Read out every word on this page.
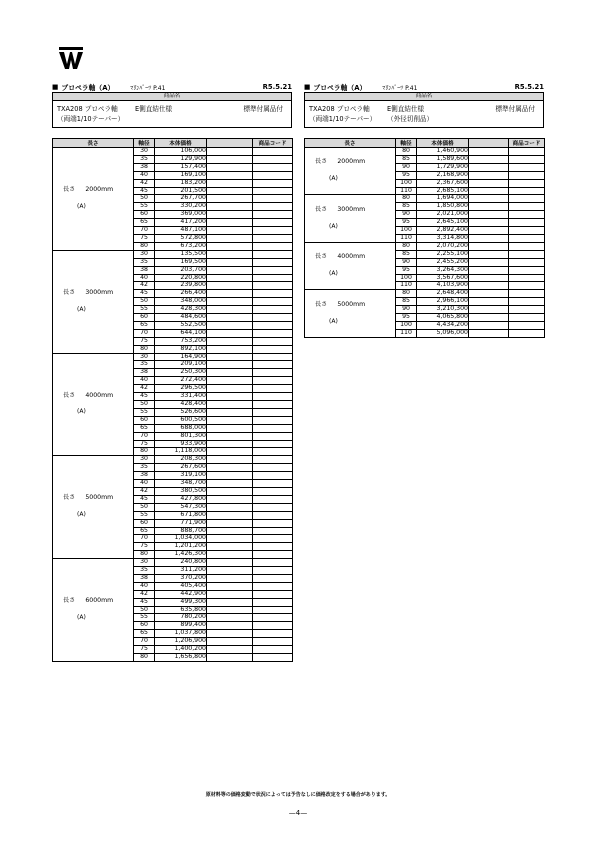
■ プロペラ軸（A）	ﾏﾘﾝﾊﾟｰﾂ P.41	R5.5.21
商品名
TXA208 プロペラ軸
（両端1/10テーパー）
E側直結仕様	標準付属品付
長さ	軸径	本体価格		商品コード

長さ 2000mm
(A)	30	106,000		
	35	129,900		
	38	157,400		
	40	169,100		
	42	183,200		
	45	201,500		
	50	267,700		
	55	330,200		
	60	369,000		
	65	417,200		
	70	487,100		
	75	572,800		
	80	673,200		

長さ 3000mm
(A)	30	135,500		
	35	169,500		
	38	203,700		
	40	220,800		
	42	239,800		
	45	266,400		
	50	348,000		
	55	428,300		
	60	484,600		
	65	552,500		
	70	644,100		
	75	753,200		
	80	892,100		

長さ 4000mm
(A)	30	164,900		
	35	209,100		
	38	250,300		
	40	272,400		
	42	296,500		
	45	331,400		
	50	428,400		
	55	526,600		
	60	600,500		
	65	688,000		
	70	801,300		
	75	933,900		
	80	1,118,000		

長さ 5000mm
(A)	30	208,300		
	35	267,600		
	38	319,100		
	40	348,700		
	42	380,500		
	45	427,800		
	50	547,300		
	55	671,800		
	60	771,900		
	65	888,700		
	70	1,034,000		
	75	1,201,200		
	80	1,426,300		

長さ 6000mm
(A)	30	240,800		
	35	311,200		
	38	370,200		
	40	405,400		
	42	442,900		
	45	499,300		
	50	635,800		
	55	780,200		
	60	899,400		
	65	1,037,800		
	70	1,206,900		
	75	1,400,200		
	80	1,656,800		
■ プロペラ軸（A）	ﾏﾘﾝﾊﾟｰﾂ P.41	R5.5.21
商品名
TXA208 プロペラ軸
（両端1/10テーパー）
E側直結仕様	標準付属品付
（外径切削品）
長さ	軸径	本体価格		商品コード

長さ 2000mm
(A)	80	1,460,900		
	85	1,589,600		
	90	1,729,900		
	95	2,168,900		
	100	2,367,600		
	110	2,685,100		

長さ 3000mm
(A)	80	1,694,000		
	85	1,850,800		
	90	2,021,000		
	95	2,645,100		
	100	2,892,400		
	110	3,314,800		

長さ 4000mm
(A)	80	2,070,200		
	85	2,255,100		
	90	2,455,200		
	95	3,264,300		
	100	3,567,600		
	110	4,103,900		

長さ 5000mm
(A)	80	2,648,400		
	85	2,966,100		
	90	3,210,300		
	95	4,065,800		
	100	4,434,200		
	110	5,096,000		
原材料等の価格変動で状況によっては予告なしに価格改定をする場合があります。
—4—
